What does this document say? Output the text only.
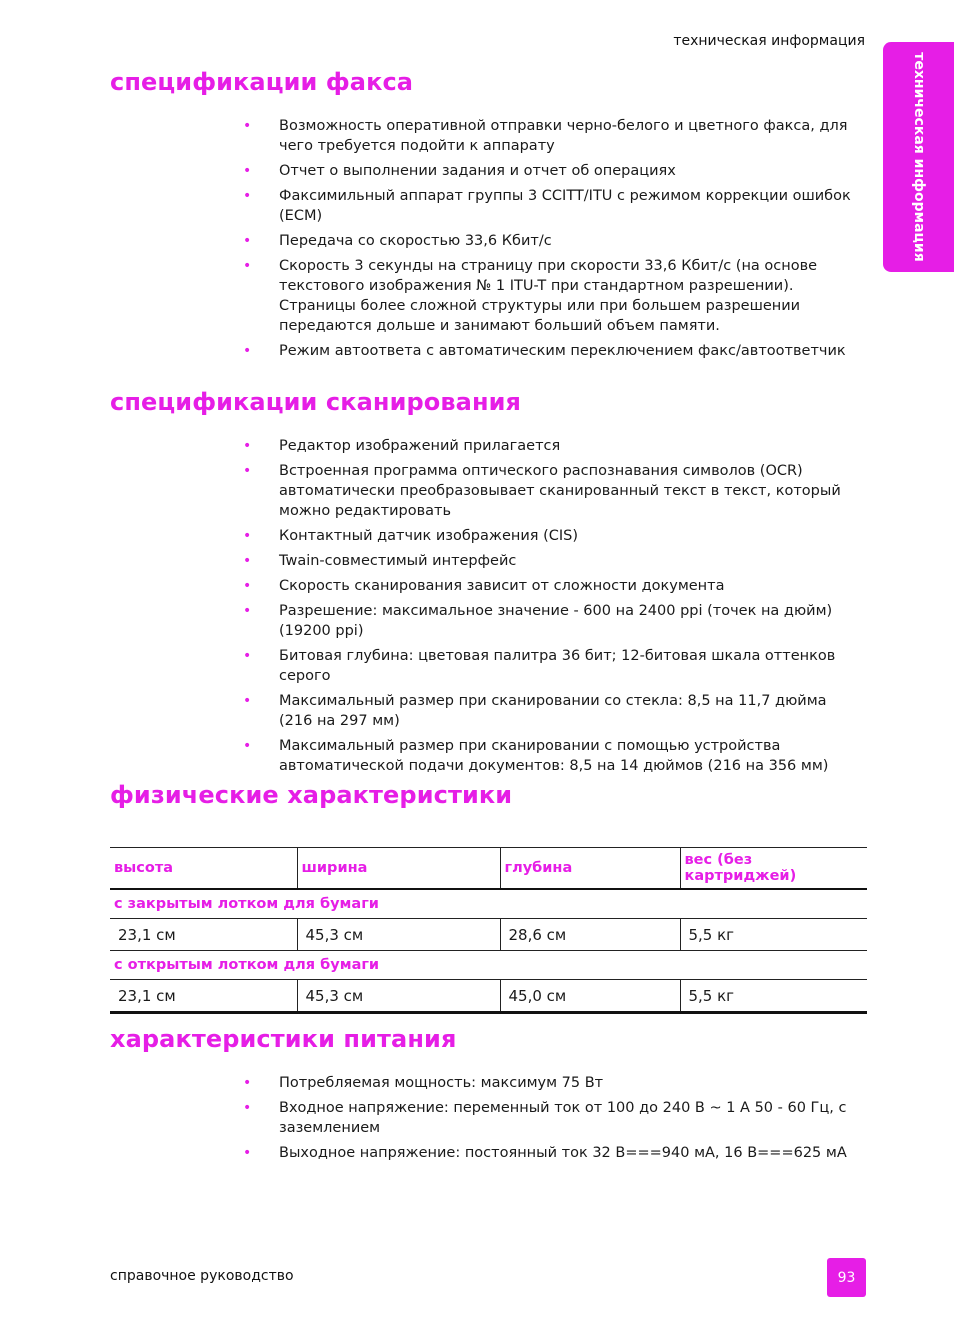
техническая информация
техническая информация
спецификации факса
• Возможность оперативной отправки черно-белого и цветного факса, для чего требуется подойти к аппарату
• Отчет о выполнении задания и отчет об операциях
• Факсимильный аппарат группы 3 CCITT/ITU с режимом коррекции ошибок (ECM)
• Передача со скоростью 33,6 Кбит/с
• Скорость 3 секунды на страницу при скорости 33,6 Кбит/с (на основе текстового изображения № 1 ITU-T при стандартном разрешении). Страницы более сложной структуры или при большем разрешении передаются дольше и занимают больший объем памяти.
• Режим автоответа с автоматическим переключением факс/автоответчик
спецификации сканирования
• Редактор изображений прилагается
• Встроенная программа оптического распознавания символов (OCR) автоматически преобразовывает сканированный текст в текст, который можно редактировать
• Контактный датчик изображения (CIS)
• Twain-совместимый интерфейс
• Скорость сканирования зависит от сложности документа
• Разрешение: максимальное значение - 600 на 2400 ppi (точек на дюйм) (19200 ppi)
• Битовая глубина: цветовая палитра 36 бит; 12-битовая шкала оттенков серого
• Максимальный размер при сканировании со стекла: 8,5 на 11,7 дюйма (216 на 297 мм)
• Максимальный размер при сканировании с помощью устройства автоматической подачи документов: 8,5 на 14 дюймов (216 на 356 мм)
физические характеристики
высота	ширина	глубина	вес (без картриджей)
с закрытым лотком для бумаги			
23,1 см	45,3 см	28,6 см	5,5 кг
с открытым лотком для бумаги			
23,1 см	45,3 см	45,0 см	5,5 кг
характеристики питания
• Потребляемая мощность: максимум 75 Вт
• Входное напряжение: переменный ток от 100 до 240 В ~ 1 А 50 - 60 Гц, с заземлением
• Выходное напряжение: постоянный ток 32 В===940 мА, 16 В===625 мА
справочное руководство	93
